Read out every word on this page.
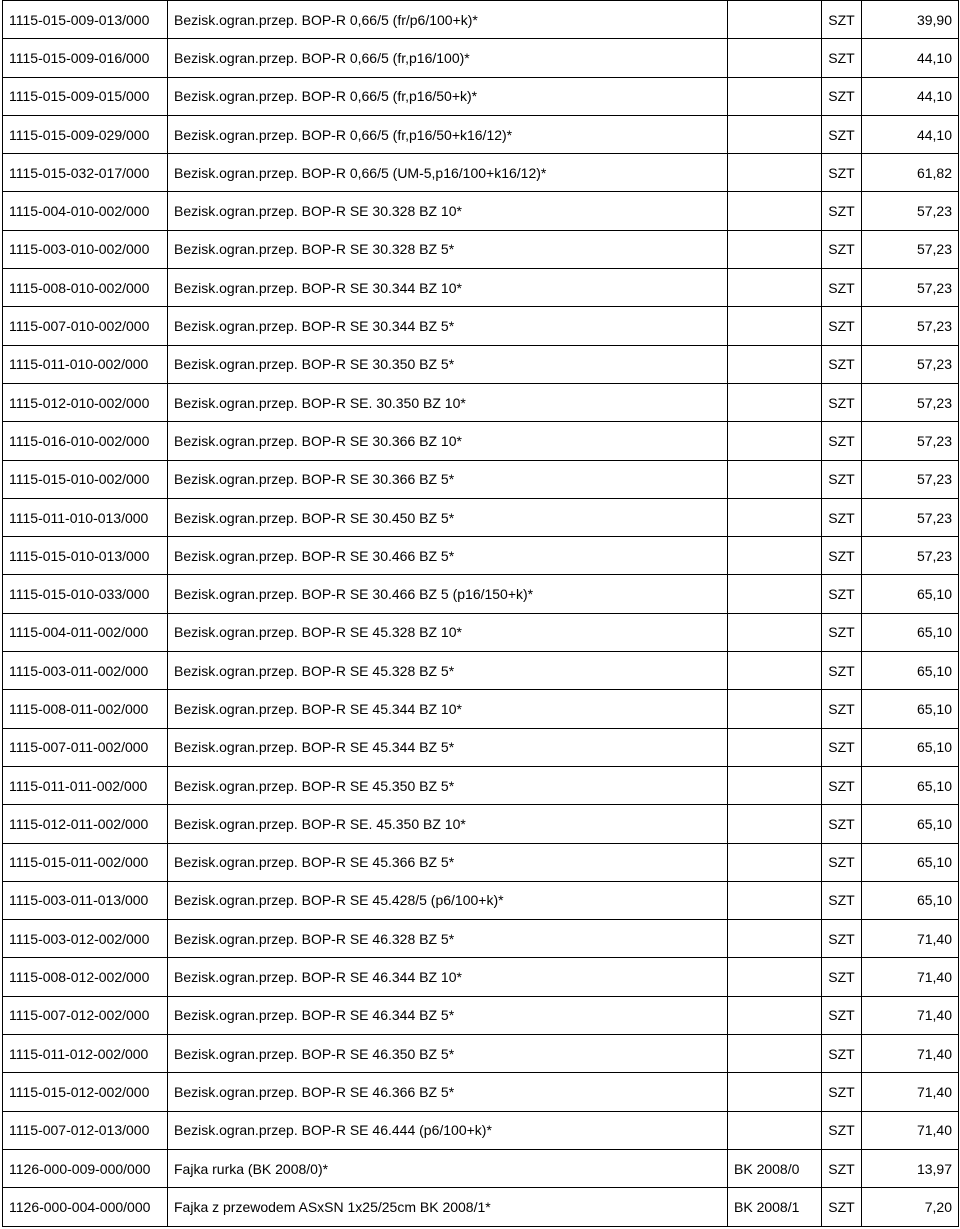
1115-015-009-013/000	Bezisk.ogran.przep. BOP-R 0,66/5 (fr/p6/100+k)*		SZT	39,90
1115-015-009-016/000	Bezisk.ogran.przep. BOP-R 0,66/5 (fr,p16/100)*		SZT	44,10
1115-015-009-015/000	Bezisk.ogran.przep. BOP-R 0,66/5 (fr,p16/50+k)*		SZT	44,10
1115-015-009-029/000	Bezisk.ogran.przep. BOP-R 0,66/5 (fr,p16/50+k16/12)*		SZT	44,10
1115-015-032-017/000	Bezisk.ogran.przep. BOP-R 0,66/5 (UM-5,p16/100+k16/12)*		SZT	61,82
1115-004-010-002/000	Bezisk.ogran.przep. BOP-R SE 30.328 BZ 10*		SZT	57,23
1115-003-010-002/000	Bezisk.ogran.przep. BOP-R SE 30.328 BZ 5*		SZT	57,23
1115-008-010-002/000	Bezisk.ogran.przep. BOP-R SE 30.344 BZ 10*		SZT	57,23
1115-007-010-002/000	Bezisk.ogran.przep. BOP-R SE 30.344 BZ 5*		SZT	57,23
1115-011-010-002/000	Bezisk.ogran.przep. BOP-R SE 30.350 BZ 5*		SZT	57,23
1115-012-010-002/000	Bezisk.ogran.przep. BOP-R SE. 30.350 BZ 10*		SZT	57,23
1115-016-010-002/000	Bezisk.ogran.przep. BOP-R SE 30.366 BZ 10*		SZT	57,23
1115-015-010-002/000	Bezisk.ogran.przep. BOP-R SE 30.366 BZ 5*		SZT	57,23
1115-011-010-013/000	Bezisk.ogran.przep. BOP-R SE 30.450 BZ 5*		SZT	57,23
1115-015-010-013/000	Bezisk.ogran.przep. BOP-R SE 30.466 BZ 5*		SZT	57,23
1115-015-010-033/000	Bezisk.ogran.przep. BOP-R SE 30.466 BZ 5 (p16/150+k)*		SZT	65,10
1115-004-011-002/000	Bezisk.ogran.przep. BOP-R SE 45.328 BZ 10*		SZT	65,10
1115-003-011-002/000	Bezisk.ogran.przep. BOP-R SE 45.328 BZ 5*		SZT	65,10
1115-008-011-002/000	Bezisk.ogran.przep. BOP-R SE 45.344 BZ 10*		SZT	65,10
1115-007-011-002/000	Bezisk.ogran.przep. BOP-R SE 45.344 BZ 5*		SZT	65,10
1115-011-011-002/000	Bezisk.ogran.przep. BOP-R SE 45.350 BZ 5*		SZT	65,10
1115-012-011-002/000	Bezisk.ogran.przep. BOP-R SE. 45.350 BZ 10*		SZT	65,10
1115-015-011-002/000	Bezisk.ogran.przep. BOP-R SE 45.366 BZ 5*		SZT	65,10
1115-003-011-013/000	Bezisk.ogran.przep. BOP-R SE 45.428/5 (p6/100+k)*		SZT	65,10
1115-003-012-002/000	Bezisk.ogran.przep. BOP-R SE 46.328 BZ 5*		SZT	71,40
1115-008-012-002/000	Bezisk.ogran.przep. BOP-R SE 46.344 BZ 10*		SZT	71,40
1115-007-012-002/000	Bezisk.ogran.przep. BOP-R SE 46.344 BZ 5*		SZT	71,40
1115-011-012-002/000	Bezisk.ogran.przep. BOP-R SE 46.350 BZ 5*		SZT	71,40
1115-015-012-002/000	Bezisk.ogran.przep. BOP-R SE 46.366 BZ 5*		SZT	71,40
1115-007-012-013/000	Bezisk.ogran.przep. BOP-R SE 46.444 (p6/100+k)*		SZT	71,40
1126-000-009-000/000	Fajka rurka (BK 2008/0)*	BK 2008/0	SZT	13,97
1126-000-004-000/000	Fajka z przewodem ASxSN 1x25/25cm BK 2008/1*	BK 2008/1	SZT	7,20
